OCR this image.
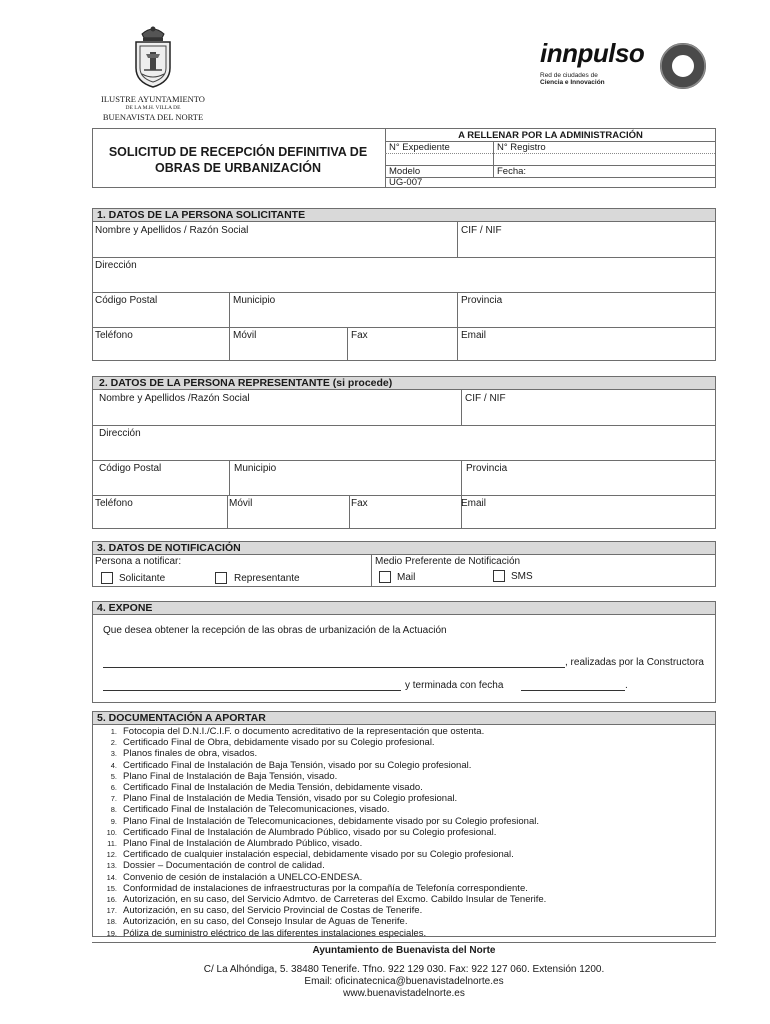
ILUSTRE AYUNTAMIENTO
DE LA M.H. VILLA DE
BUENAVISTA DEL NORTE
innpulso
Red de ciudades de
Ciencia e Innovación
SOLICITUD DE RECEPCIÓN DEFINITIVA DE
OBRAS DE URBANIZACIÓN
A RELLENAR POR LA ADMINISTRACIÓN
N° Expediente	N° Registro
Modelo	Fecha:
UG-007
1. DATOS DE LA PERSONA SOLICITANTE
Nombre y Apellidos / Razón Social	CIF / NIF
Dirección
Código Postal	Municipio	Provincia
Teléfono	Móvil	Fax	Email
2. DATOS DE LA PERSONA REPRESENTANTE (si procede)
Nombre y Apellidos /Razón Social	CIF / NIF
Dirección
Código Postal	Municipio	Provincia
Teléfono	Móvil	Fax	Email
3. DATOS DE NOTIFICACIÓN
Persona a notificar:
Solicitante	Representante
Medio Preferente de Notificación
Mail	SMS
4. EXPONE
Que desea obtener la recepción de las obras de urbanización de la Actuación
, realizadas por la Constructora
y terminada con fecha	.
5. DOCUMENTACIÓN A APORTAR
1. Fotocopia del D.N.I./C.I.F. o documento acreditativo de la representación que ostenta.
2. Certificado Final de Obra, debidamente visado por su Colegio profesional.
3. Planos finales de obra, visados.
4. Certificado Final de Instalación de Baja Tensión, visado por su Colegio profesional.
5. Plano Final de Instalación de Baja Tensión, visado.
6. Certificado Final de Instalación de Media Tensión, debidamente visado.
7. Plano Final de Instalación de Media Tensión, visado por su Colegio profesional.
8. Certificado Final de Instalación de Telecomunicaciones, visado.
9. Plano Final de Instalación de Telecomunicaciones, debidamente visado por su Colegio profesional.
10. Certificado Final de Instalación de Alumbrado Público, visado por su Colegio profesional.
11. Plano Final de Instalación de Alumbrado Público, visado.
12. Certificado de cualquier instalación especial, debidamente visado por su Colegio profesional.
13. Dossier – Documentación de control de calidad.
14. Convenio de cesión de instalación a UNELCO-ENDESA.
15. Conformidad de instalaciones de infraestructuras por la compañía de Telefonía correspondiente.
16. Autorización, en su caso, del Servicio Admtvo. de Carreteras del Excmo. Cabildo Insular de Tenerife.
17. Autorización, en su caso, del Servicio Provincial de Costas de Tenerife.
18. Autorización, en su caso, del Consejo Insular de Aguas de Tenerife.
19. Póliza de suministro eléctrico de las diferentes instalaciones especiales.
Ayuntamiento de Buenavista del Norte
C/ La Alhóndiga, 5. 38480 Tenerife. Tfno. 922 129 030. Fax: 922 127 060. Extensión 1200.
Email: oficinatecnica@buenavistadelnorte.es
www.buenavistadelnorte.es
